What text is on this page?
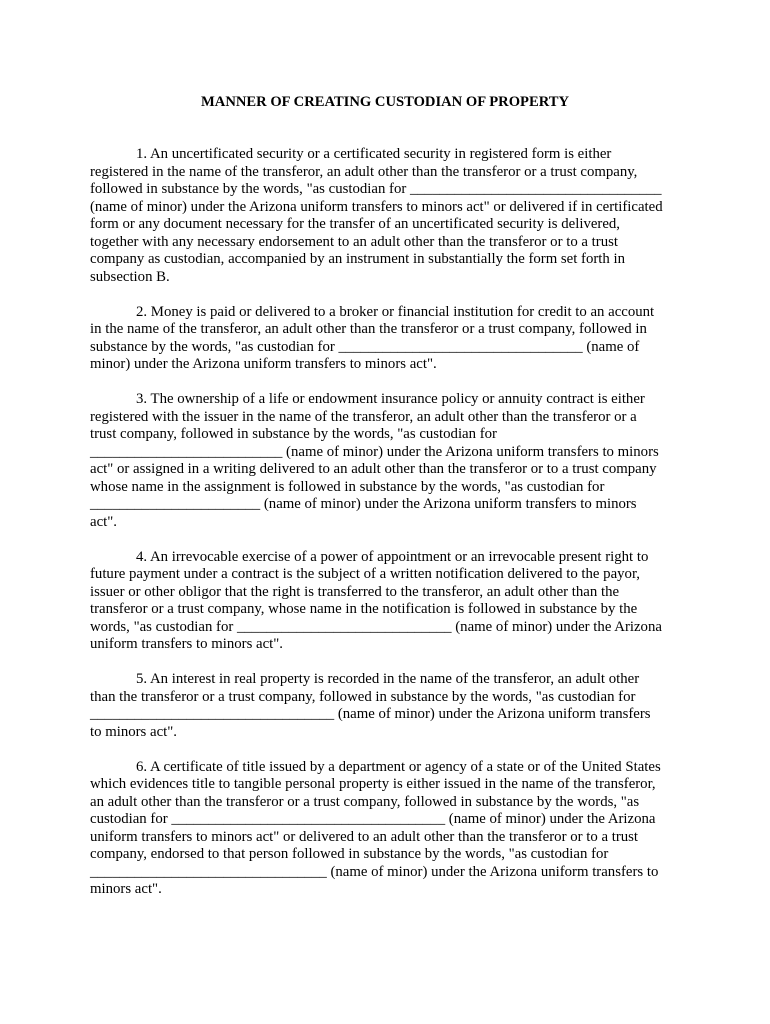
MANNER OF CREATING CUSTODIAN OF PROPERTY
1. An uncertificated security or a certificated security in registered form is either
registered in the name of the transferor, an adult other than the transferor or a trust company,
followed in substance by the words, "as custodian for __________________________________
(name of minor) under the Arizona uniform transfers to minors act" or delivered if in certificated
form or any document necessary for the transfer of an uncertificated security is delivered,
together with any necessary endorsement to an adult other than the transferor or to a trust
company as custodian, accompanied by an instrument in substantially the form set forth in
subsection B.
2. Money is paid or delivered to a broker or financial institution for credit to an account
in the name of the transferor, an adult other than the transferor or a trust company, followed in
substance by the words, "as custodian for _________________________________ (name of
minor) under the Arizona uniform transfers to minors act".
3. The ownership of a life or endowment insurance policy or annuity contract is either
registered with the issuer in the name of the transferor, an adult other than the transferor or a
trust company, followed in substance by the words, "as custodian for
__________________________ (name of minor) under the Arizona uniform transfers to minors
act" or assigned in a writing delivered to an adult other than the transferor or to a trust company
whose name in the assignment is followed in substance by the words, "as custodian for
_______________________ (name of minor) under the Arizona uniform transfers to minors
act".
4. An irrevocable exercise of a power of appointment or an irrevocable present right to
future payment under a contract is the subject of a written notification delivered to the payor,
issuer or other obligor that the right is transferred to the transferor, an adult other than the
transferor or a trust company, whose name in the notification is followed in substance by the
words, "as custodian for _____________________________ (name of minor) under the Arizona
uniform transfers to minors act".
5. An interest in real property is recorded in the name of the transferor, an adult other
than the transferor or a trust company, followed in substance by the words, "as custodian for
_________________________________ (name of minor) under the Arizona uniform transfers
to minors act".
6. A certificate of title issued by a department or agency of a state or of the United States
which evidences title to tangible personal property is either issued in the name of the transferor,
an adult other than the transferor or a trust company, followed in substance by the words, "as
custodian for _____________________________________ (name of minor) under the Arizona
uniform transfers to minors act" or delivered to an adult other than the transferor or to a trust
company, endorsed to that person followed in substance by the words, "as custodian for
________________________________ (name of minor) under the Arizona uniform transfers to
minors act".
